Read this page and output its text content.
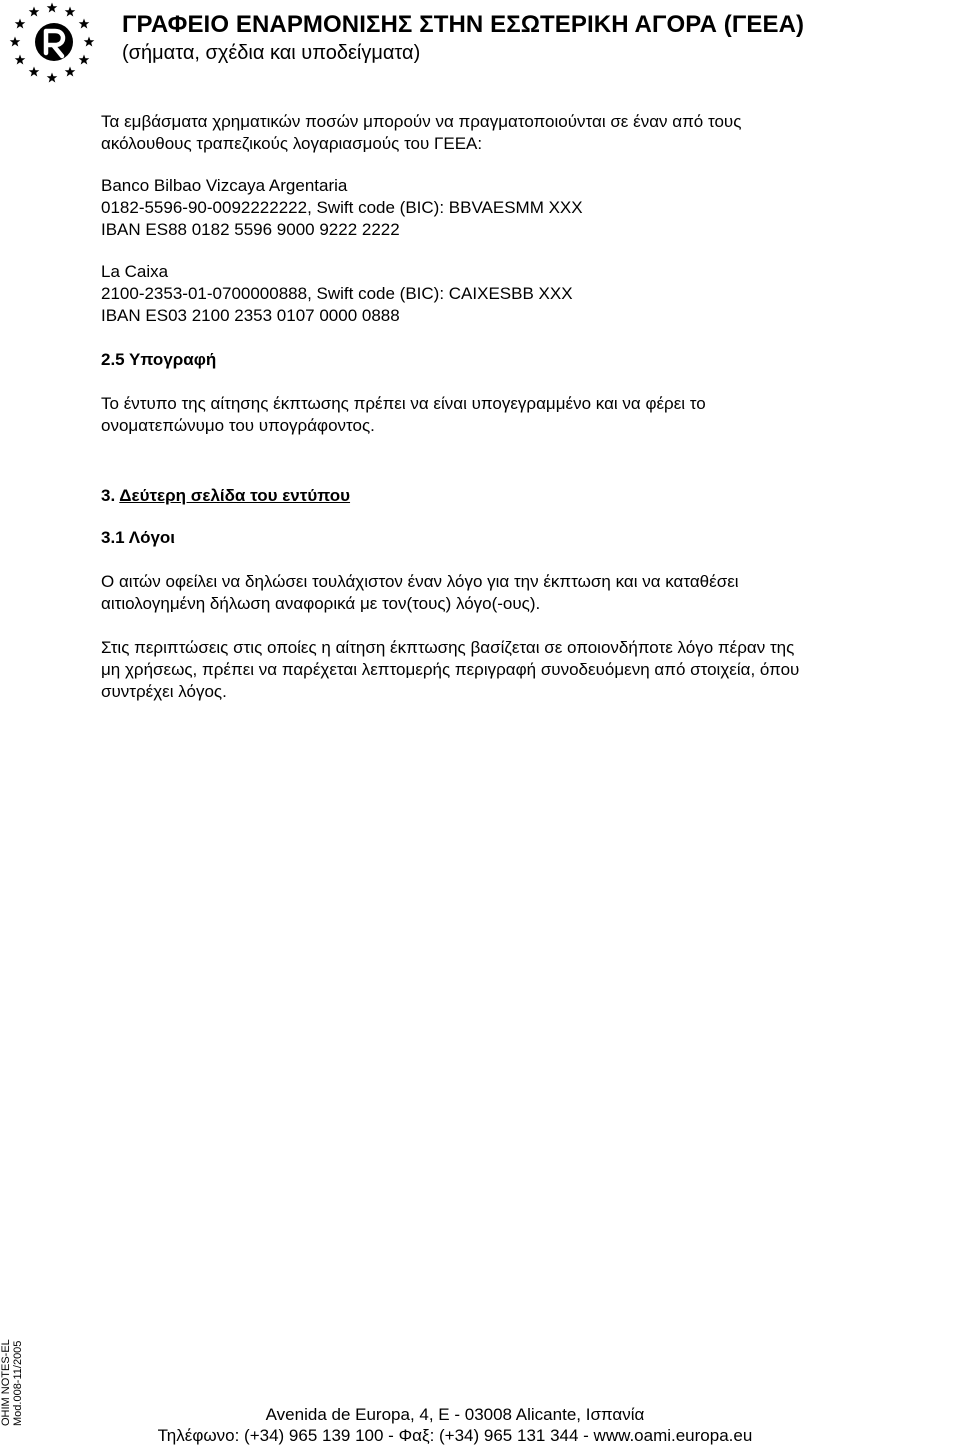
ΓΡΑΦΕΙΟ ΕΝΑΡΜΟΝΙΣΗΣ ΣΤΗΝ ΕΣΩΤΕΡΙΚΗ ΑΓΟΡΑ (ΓΕΕΑ)
(σήματα, σχέδια και υποδείγματα)

Τα εμβάσματα χρηματικών ποσών μπορούν να πραγματοποιούνται σε έναν από τους

ακόλουθους τραπεζικούς λογαριασμούς του ΓΕΕΑ:

Banco Bilbao Vizcaya Argentaria

0182-5596-90-0092222222, Swift code (BIC): BBVAESMM XXX

IBAN ES88 0182 5596 9000 9222 2222

La Caixa

2100-2353-01-0700000888, Swift code (BIC): CAIXESBB XXX

IBAN ES03 2100 2353 0107 0000 0888

2.5 Υπογραφή

Το έντυπο της αίτησης έκπτωσης πρέπει να είναι υπογεγραμμένο και να φέρει το

ονοματεπώνυμο του υπογράφοντος.

3. Δεύτερη σελίδα του εντύπου

3.1 Λόγοι

Ο αιτών οφείλει να δηλώσει τουλάχιστον έναν λόγο για την έκπτωση και να καταθέσει

αιτιολογημένη δήλωση αναφορικά με τον(τους) λόγο(-ους).

Στις περιπτώσεις στις οποίες η αίτηση έκπτωσης βασίζεται σε οποιονδήποτε λόγο πέραν της

μη χρήσεως, πρέπει να παρέχεται λεπτομερής περιγραφή συνοδευόμενη από στοιχεία, όπου

συντρέχει λόγος.

OHIM NOTES-EL Mod.008-11/2005	Avenida de Europa, 4, E - 03008 Alicante, Ισπανία

Τηλέφωνο: (+34) 965 139 100 - Φαξ: (+34) 965 131 344 - www.oami.europa.eu
